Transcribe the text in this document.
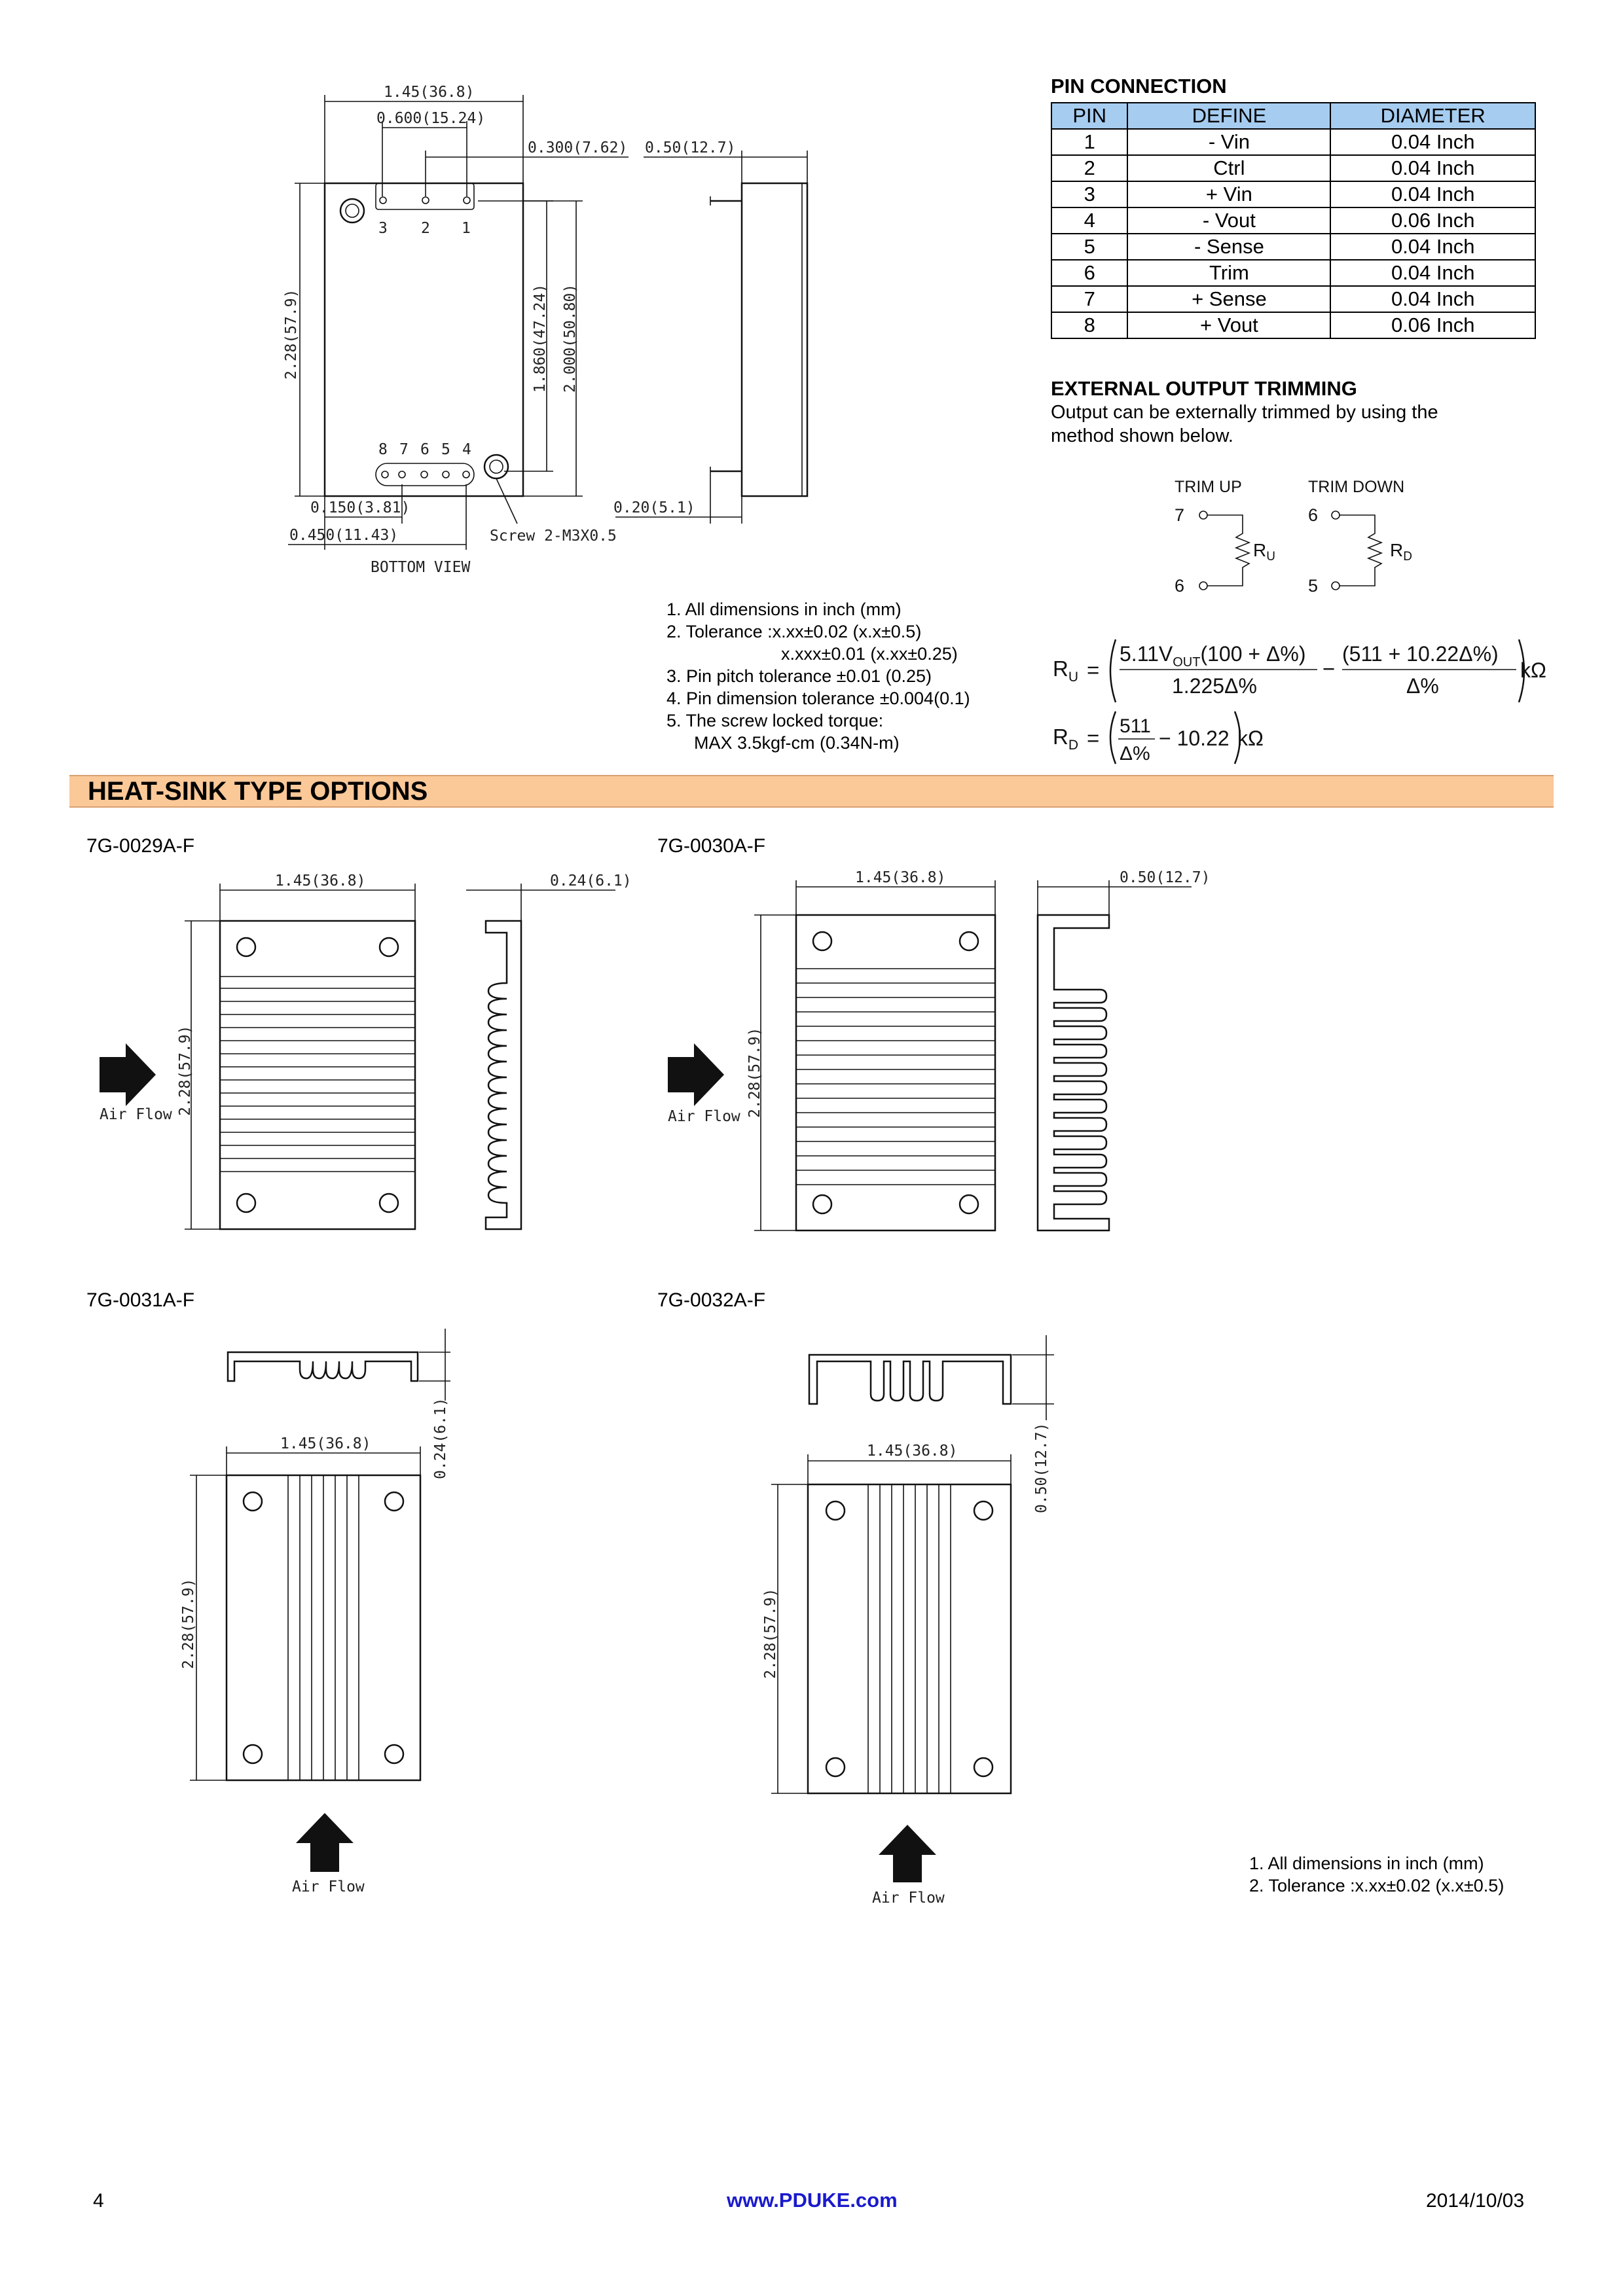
1.45(36.8)
0.600(15.24)
0.300(7.62) 0.50(12.7)
2.28(57.9)	1.860(47.24) 2.000(50.80)
0.150(3.81)
0.450(11.43)
0.20(5.1)
3 2 1
8 7 6 5 4
Screw 2-M3X0.5
BOTTOM VIEW
PIN CONNECTION
PIN	DEFINE	DIAMETER
1	- Vin	0.04 Inch
2	Ctrl	0.04 Inch
3	+ Vin	0.04 Inch
4	- Vout	0.06 Inch
5	- Sense	0.04 Inch
6	Trim	0.04 Inch
7	+ Sense	0.04 Inch
8	+ Vout	0.06 Inch
EXTERNAL OUTPUT TRIMMING
Output can be externally trimmed by using the
method shown below.
TRIM UP	TRIM DOWN
7
6
$R_U$
6
5
$R_D$
$R_U$ =
$5.11V_{OUT}(100 + \Delta\%)$
1.225Δ%
−
(511 + 10.22Δ%)
Δ%
kΩ
$R_D = 511$
Δ%
− 10.22 kΩ
1. All dimensions in inch (mm)
2. Tolerance :x.xx±0.02 (x.x±0.5)
x.xxx±0.01 (x.xx±0.25)
3. Pin pitch tolerance ±0.01 (0.25)
4. Pin dimension tolerance ±0.004(0.1)
5. The screw locked torque:
MAX 3.5kgf-cm (0.34N-m)
HEAT-SINK TYPE OPTIONS
7G-0029A-F	7G-0030A-F
7G-0031A-F	7G-0032A-F
Air Flow 2.28(57.9)
1.45(36.8)	0.24(6.1)
Air Flow 2.28(57.9)
1.45(36.8)	0.50(12.7)
0.24(6.1)
1.45(36.8)
2.28(57.9)
Air Flow
0.50(12.7)
1.45(36.8)
2.28(57.9)
Air Flow
1. All dimensions in inch (mm)
2. Tolerance :x.xx±0.02 (x.x±0.5)
4	www.PDUKE.com	2014/10/03
